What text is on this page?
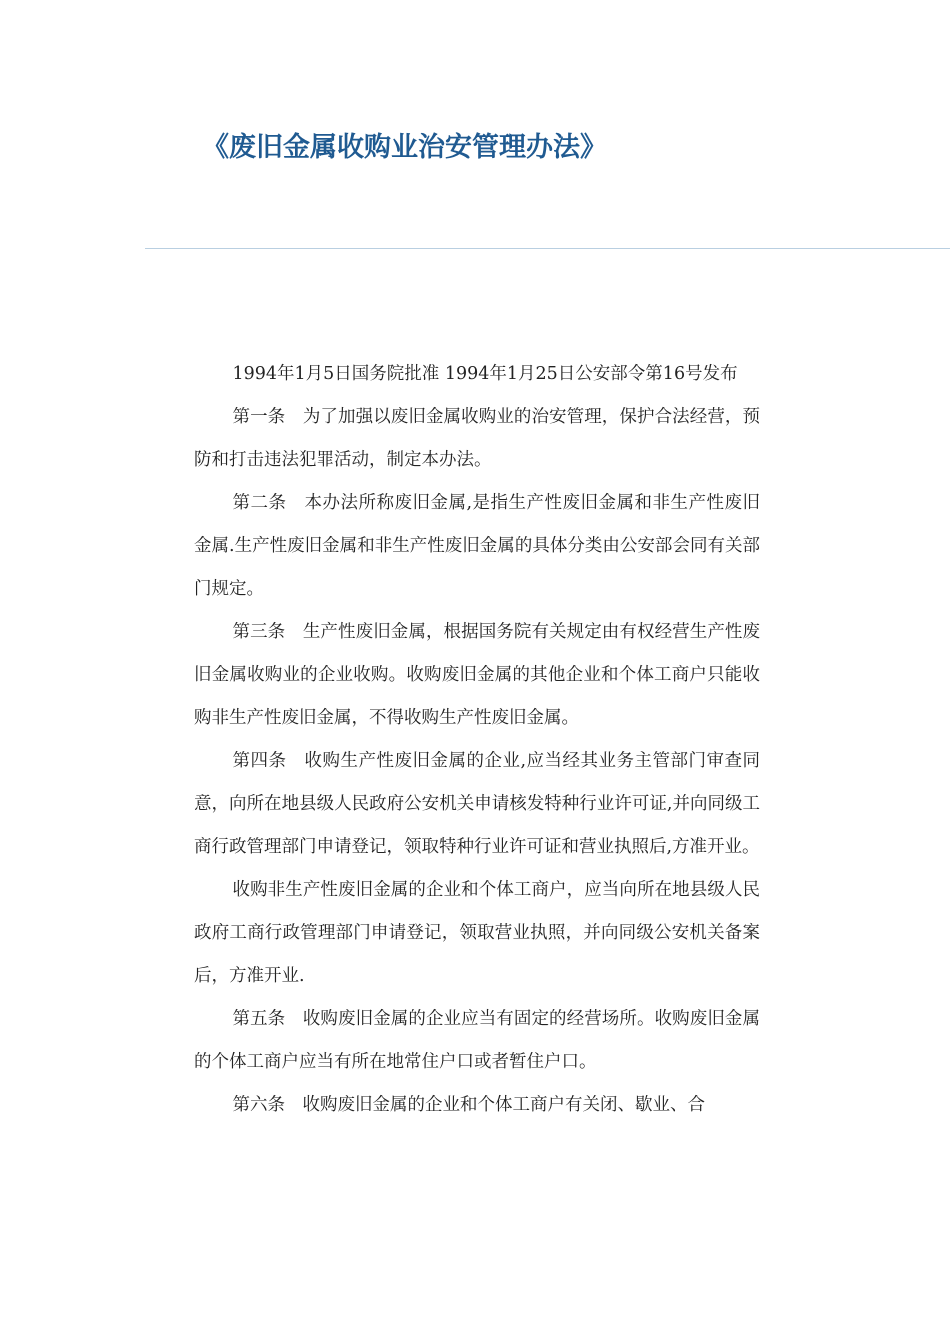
《废旧金属收购业治安管理办法》

1994年1月5日国务院批准 1994年1月25日公安部令第16号发布

第一条　为了加强以废旧金属收购业的治安管理，保护合法经营，预防和打击违法犯罪活动，制定本办法。

第二条　本办法所称废旧金属,是指生产性废旧金属和非生产性废旧金属.生产性废旧金属和非生产性废旧金属的具体分类由公安部会同有关部门规定。

第三条　生产性废旧金属，根据国务院有关规定由有权经营生产性废旧金属收购业的企业收购。收购废旧金属的其他企业和个体工商户只能收购非生产性废旧金属，不得收购生产性废旧金属。

第四条　收购生产性废旧金属的企业,应当经其业务主管部门审查同意，向所在地县级人民政府公安机关申请核发特种行业许可证,并向同级工商行政管理部门申请登记，领取特种行业许可证和营业执照后,方准开业。

收购非生产性废旧金属的企业和个体工商户，应当向所在地县级人民政府工商行政管理部门申请登记，领取营业执照，并向同级公安机关备案后，方准开业.

第五条　收购废旧金属的企业应当有固定的经营场所。收购废旧金属的个体工商户应当有所在地常住户口或者暂住户口。

第六条　收购废旧金属的企业和个体工商户有关闭、歇业、合
